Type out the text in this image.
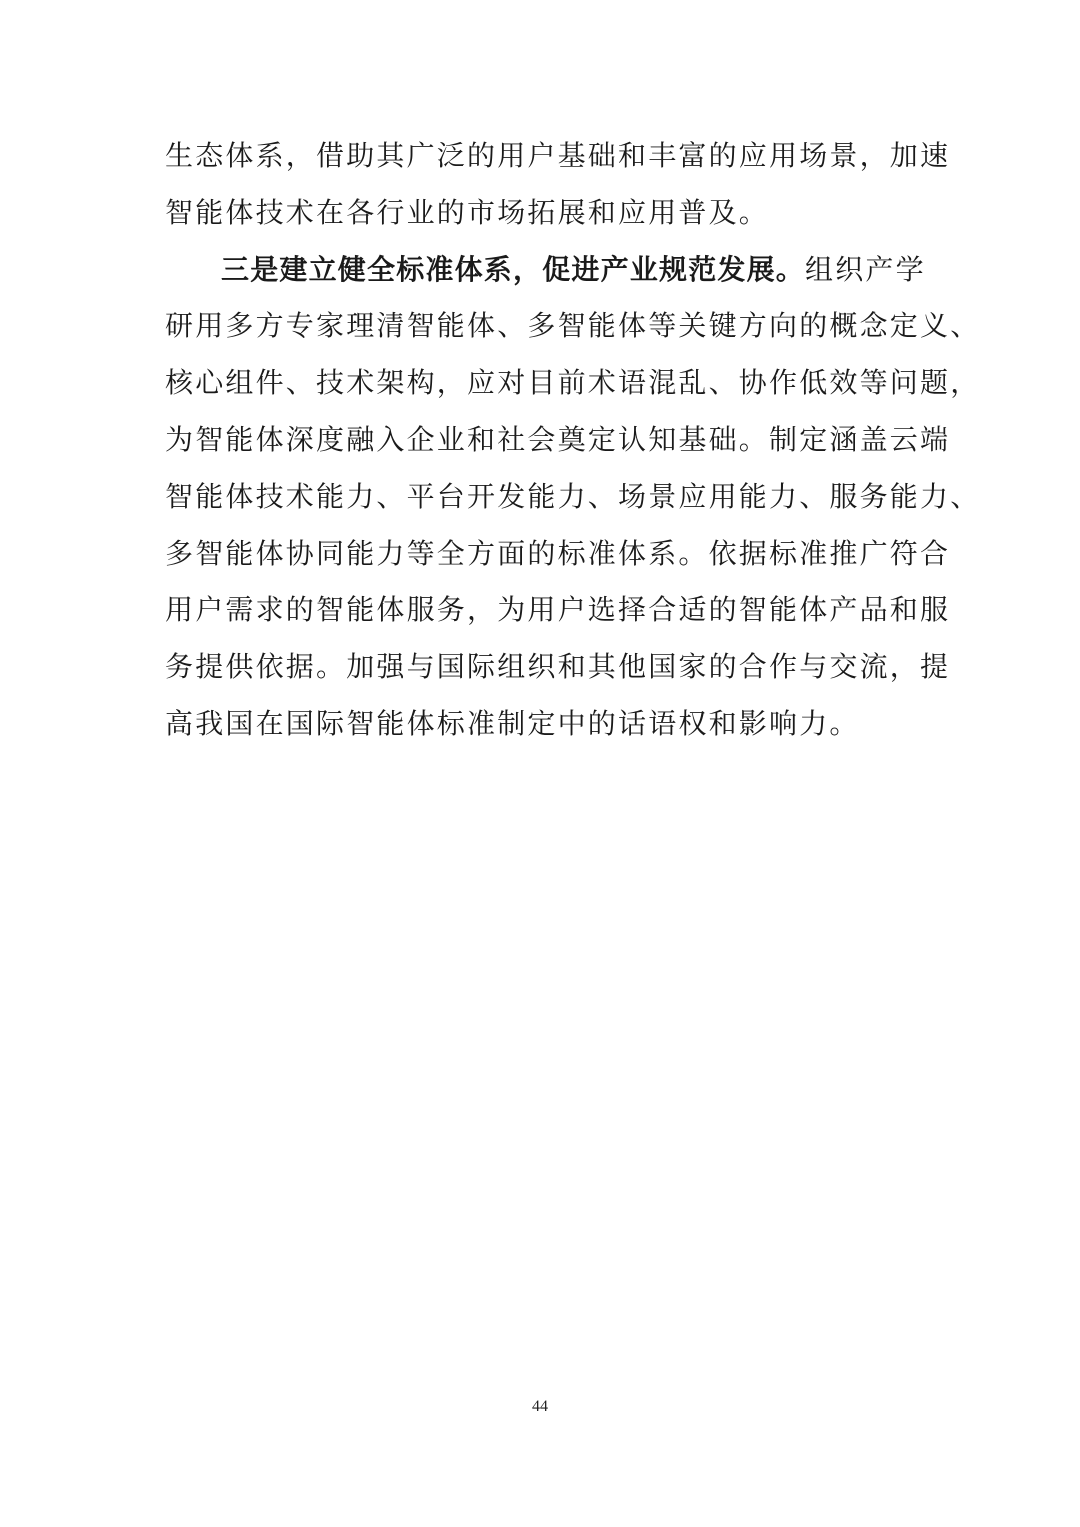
生态体系，借助其广泛的用户基础和丰富的应用场景，加速
智能体技术在各行业的市场拓展和应用普及。
三是建立健全标准体系，促进产业规范发展。组织产学
研用多方专家理清智能体、多智能体等关键方向的概念定义、
核心组件、技术架构，应对目前术语混乱、协作低效等问题，
为智能体深度融入企业和社会奠定认知基础。制定涵盖云端
智能体技术能力、平台开发能力、场景应用能力、服务能力、
多智能体协同能力等全方面的标准体系。依据标准推广符合
用户需求的智能体服务，为用户选择合适的智能体产品和服
务提供依据。加强与国际组织和其他国家的合作与交流，提
高我国在国际智能体标准制定中的话语权和影响力。
44
